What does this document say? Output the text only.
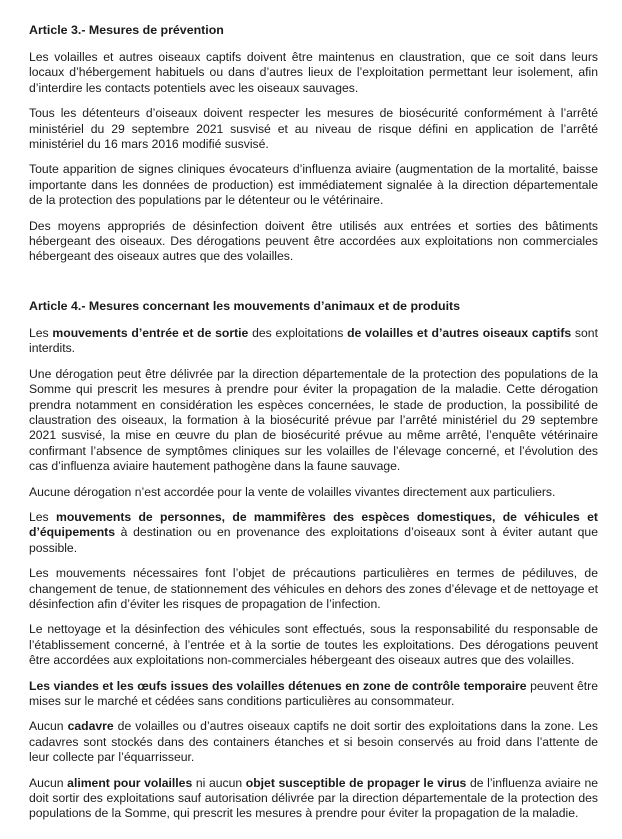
Article 3.- Mesures de prévention

Les volailles et autres oiseaux captifs doivent être maintenus en claustration, que ce soit dans leurs locaux d’hébergement habituels ou dans d’autres lieux de l’exploitation permettant leur isolement, afin d’interdire les contacts potentiels avec les oiseaux sauvages.

Tous les détenteurs d’oiseaux doivent respecter les mesures de biosécurité conformément à l’arrêté ministériel du 29 septembre 2021 susvisé et au niveau de risque défini en application de l’arrêté ministériel du 16 mars 2016 modifié susvisé.

Toute apparition de signes cliniques évocateurs d’influenza aviaire (augmentation de la mortalité, baisse importante dans les données de production) est immédiatement signalée à la direction départementale de la protection des populations par le détenteur ou le vétérinaire.

Des moyens appropriés de désinfection doivent être utilisés aux entrées et sorties des bâtiments hébergeant des oiseaux. Des dérogations peuvent être accordées aux exploitations non commerciales hébergeant des oiseaux autres que des volailles.

Article 4.- Mesures concernant les mouvements d’animaux et de produits

Les mouvements d’entrée et de sortie des exploitations de volailles et d’autres oiseaux captifs sont interdits.

Une dérogation peut être délivrée par la direction départementale de la protection des populations de la Somme qui prescrit les mesures à prendre pour éviter la propagation de la maladie. Cette dérogation prendra notamment en considération les espèces concernées, le stade de production, la possibilité de claustration des oiseaux, la formation à la biosécurité prévue par l’arrêté ministériel du 29 septembre 2021 susvisé, la mise en œuvre du plan de biosécurité prévue au même arrêté, l’enquête vétérinaire confirmant l’absence de symptômes cliniques sur les volailles de l’élevage concerné, et l’évolution des cas d’influenza aviaire hautement pathogène dans la faune sauvage.

Aucune dérogation n’est accordée pour la vente de volailles vivantes directement aux particuliers.

Les mouvements de personnes, de mammifères des espèces domestiques, de véhicules et d’équipements à destination ou en provenance des exploitations d’oiseaux sont à éviter autant que possible.

Les mouvements nécessaires font l’objet de précautions particulières en termes de pédiluves, de changement de tenue, de stationnement des véhicules en dehors des zones d’élevage et de nettoyage et désinfection afin d’éviter les risques de propagation de l’infection.

Le nettoyage et la désinfection des véhicules sont effectués, sous la responsabilité du responsable de l’établissement concerné, à l’entrée et à la sortie de toutes les exploitations. Des dérogations peuvent être accordées aux exploitations non-commerciales hébergeant des oiseaux autres que des volailles.

Les viandes et les œufs issues des volailles détenues en zone de contrôle temporaire peuvent être mises sur le marché et cédées sans conditions particulières au consommateur.

Aucun cadavre de volailles ou d’autres oiseaux captifs ne doit sortir des exploitations dans la zone. Les cadavres sont stockés dans des containers étanches et si besoin conservés au froid dans l’attente de leur collecte par l’équarrisseur.

Aucun aliment pour volailles ni aucun objet susceptible de propager le virus de l’influenza aviaire ne doit sortir des exploitations sauf autorisation délivrée par la direction départementale de la protection des populations de la Somme, qui prescrit les mesures à prendre pour éviter la propagation de la maladie.
